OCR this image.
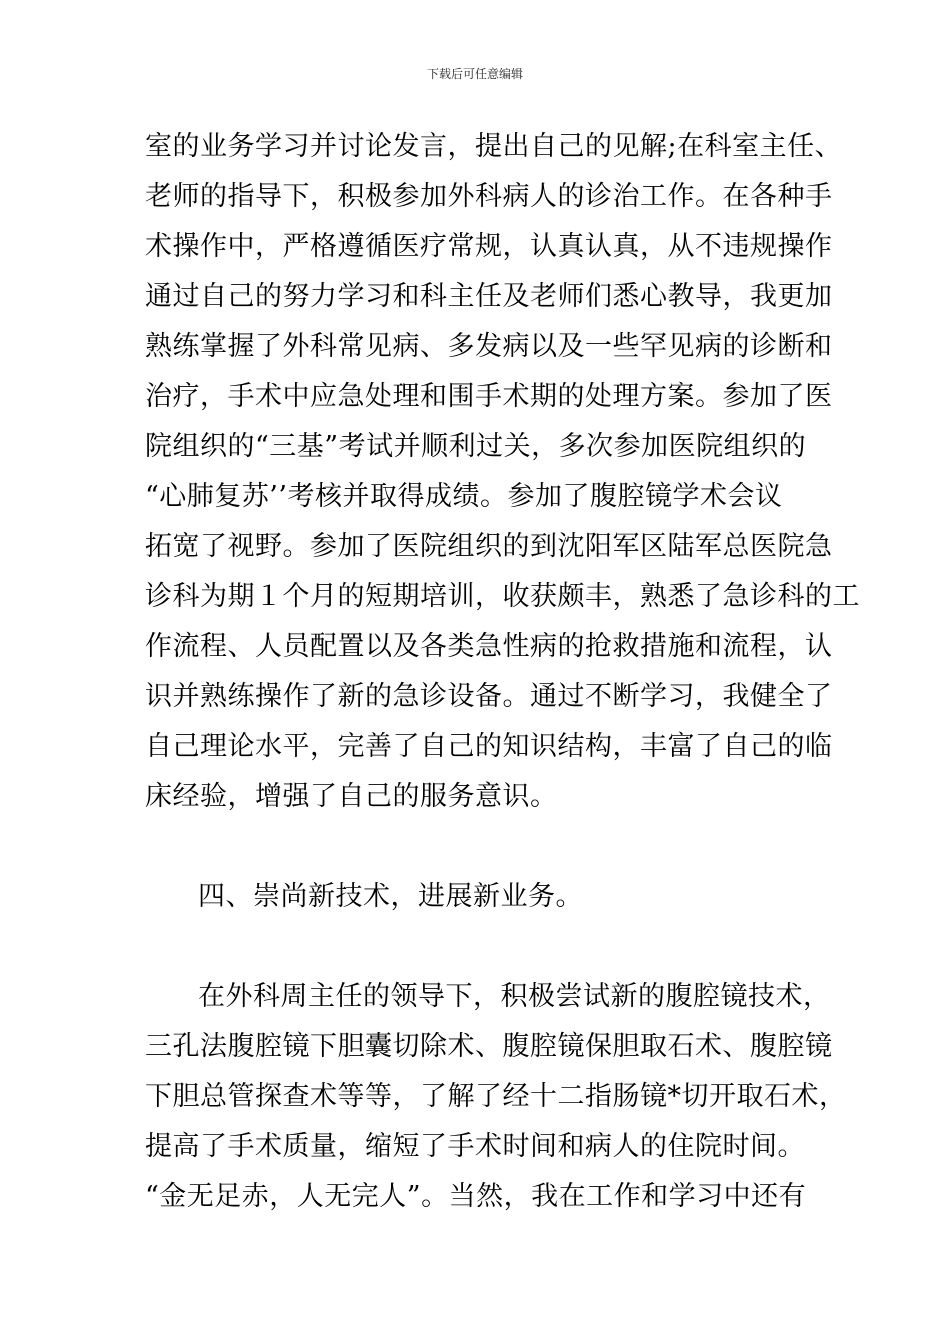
下载后可任意编辑
室的业务学习并讨论发言，提出自己的见解;在科室主任、
老师的指导下，积极参加外科病人的诊治工作。在各种手
术操作中，严格遵循医疗常规，认真认真，从不违规操作
通过自己的努力学习和科主任及老师们悉心教导，我更加
熟练掌握了外科常见病、多发病以及一些罕见病的诊断和
治疗，手术中应急处理和围手术期的处理方案。参加了医
院组织的“三基”考试并顺利过关，多次参加医院组织的
“心肺复苏’’考核并取得成绩。参加了腹腔镜学术会议
拓宽了视野。参加了医院组织的到沈阳军区陆军总医院急
诊科为期１个月的短期培训，收获颇丰，熟悉了急诊科的工
作流程、人员配置以及各类急性病的抢救措施和流程，认
识并熟练操作了新的急诊设备。通过不断学习，我健全了
自己理论水平，完善了自己的知识结构，丰富了自己的临
床经验，增强了自己的服务意识。
四、崇尚新技术，进展新业务。
在外科周主任的领导下，积极尝试新的腹腔镜技术，
三孔法腹腔镜下胆囊切除术、腹腔镜保胆取石术、腹腔镜
下胆总管探查术等等，了解了经十二指肠镜*切开取石术，
提高了手术质量，缩短了手术时间和病人的住院时间。
“金无足赤，人无完人”。当然，我在工作和学习中还有
